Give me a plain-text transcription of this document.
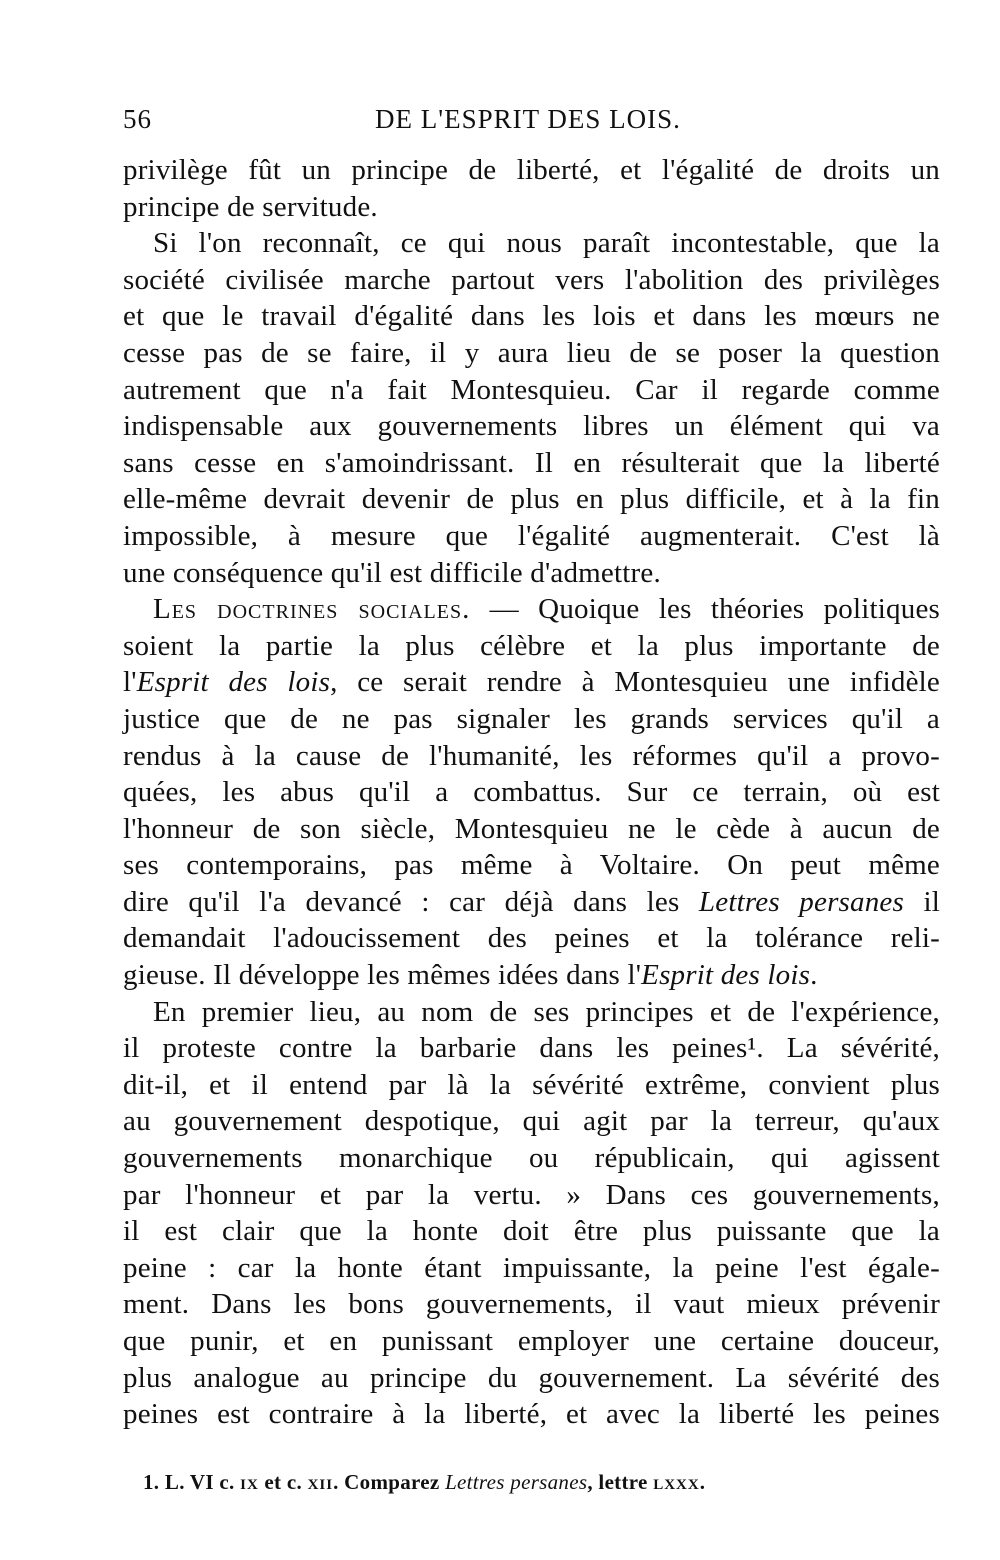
56	DE L'ESPRIT DES LOIS.
privilège fût un principe de liberté, et l'égalité de droits un
principe de servitude.
Si l'on reconnaît, ce qui nous paraît incontestable, que la
société civilisée marche partout vers l'abolition des privilèges
et que le travail d'égalité dans les lois et dans les mœurs ne
cesse pas de se faire, il y aura lieu de se poser la question
autrement que n'a fait Montesquieu. Car il regarde comme
indispensable aux gouvernements libres un élément qui va
sans cesse en s'amoindrissant. Il en résulterait que la liberté
elle-même devrait devenir de plus en plus difficile, et à la fin
impossible, à mesure que l'égalité augmenterait. C'est là
une conséquence qu'il est difficile d'admettre.
Les doctrines sociales. — Quoique les théories politiques
soient la partie la plus célèbre et la plus importante de
l'Esprit des lois, ce serait rendre à Montesquieu une infidèle
justice que de ne pas signaler les grands services qu'il a
rendus à la cause de l'humanité, les réformes qu'il a provo-
quées, les abus qu'il a combattus. Sur ce terrain, où est
l'honneur de son siècle, Montesquieu ne le cède à aucun de
ses contemporains, pas même à Voltaire. On peut même
dire qu'il l'a devancé : car déjà dans les Lettres persanes il
demandait l'adoucissement des peines et la tolérance reli-
gieuse. Il développe les mêmes idées dans l'Esprit des lois.
En premier lieu, au nom de ses principes et de l'expérience,
il proteste contre la barbarie dans les peines¹. La sévérité,
dit-il, et il entend par là la sévérité extrême, convient plus
au gouvernement despotique, qui agit par la terreur, qu'aux
gouvernements monarchique ou républicain, qui agissent
par l'honneur et par la vertu. » Dans ces gouvernements,
il est clair que la honte doit être plus puissante que la
peine : car la honte étant impuissante, la peine l'est égale-
ment. Dans les bons gouvernements, il vaut mieux prévenir
que punir, et en punissant employer une certaine douceur,
plus analogue au principe du gouvernement. La sévérité des
peines est contraire à la liberté, et avec la liberté les peines
1. L. VI c. ix et c. xii. Comparez Lettres persanes, lettre lxxx.
